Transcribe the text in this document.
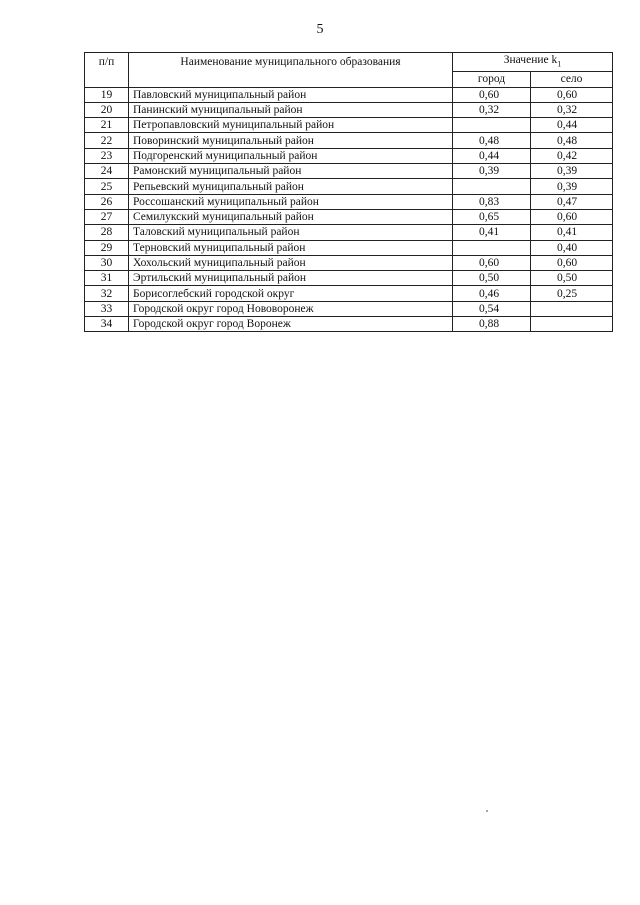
5
п/п	Наименование муниципального образования	Значение $k_1$
		город	село
19	Павловский муниципальный район	0,60	0,60
20	Панинский муниципальный район	0,32	0,32
21	Петропавловский муниципальный район		0,44
22	Поворинский муниципальный район	0,48	0,48
23	Подгоренский муниципальный район	0,44	0,42
24	Рамонский муниципальный район	0,39	0,39
25	Репьевский муниципальный район		0,39
26	Россошанский муниципальный район	0,83	0,47
27	Семилукский муниципальный район	0,65	0,60
28	Таловский муниципальный район	0,41	0,41
29	Терновский муниципальный район		0,40
30	Хохольский муниципальный район	0,60	0,60
31	Эртильский муниципальный район	0,50	0,50
32	Борисоглебский городской округ	0,46	0,25
33	Городской округ город Нововоронеж	0,54	
34	Городской округ город Воронеж	0,88	
